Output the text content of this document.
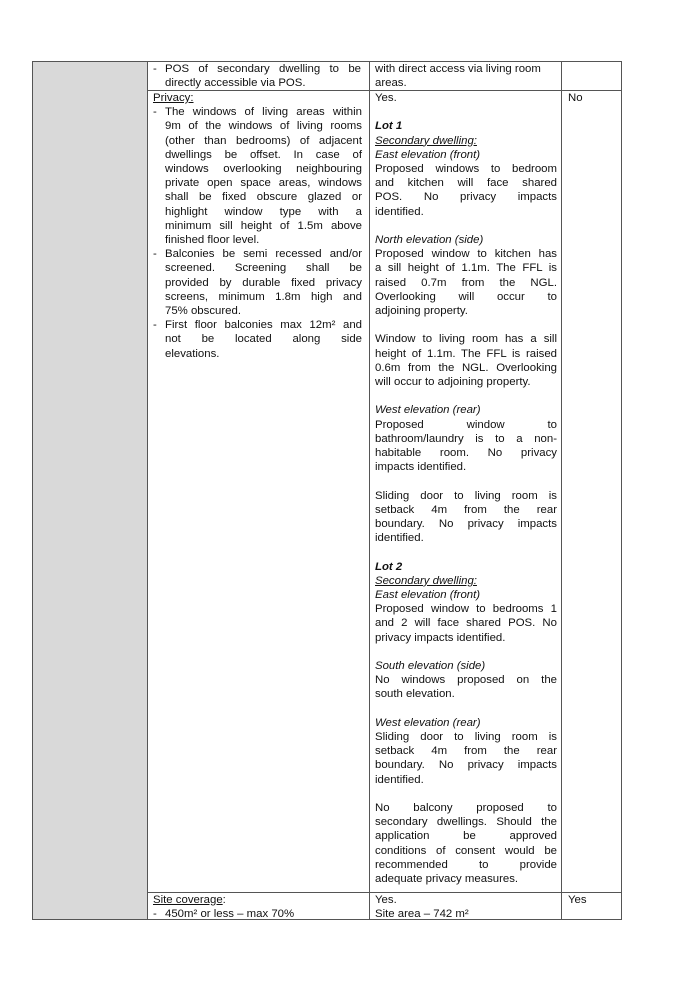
- POS of secondary dwelling to be
directly accessible via POS.
with direct access via living room
areas.
Privacy:
- The windows of living areas within
9m of the windows of living rooms
(other than bedrooms) of adjacent
dwellings be offset. In case of
windows overlooking neighbouring
private open space areas, windows
shall be fixed obscure glazed or
highlight window type with a
minimum sill height of 1.5m above
finished floor level.
- Balconies be semi recessed and/or
screened. Screening shall be
provided by durable fixed privacy
screens, minimum 1.8m high and
75% obscured.
- First floor balconies max 12m² and
not be located along side
elevations.
Yes.
Lot 1
Secondary dwelling:
East elevation (front)
Proposed windows to bedroom
and kitchen will face shared
POS. No privacy impacts
identified.
North elevation (side)
Proposed window to kitchen has
a sill height of 1.1m. The FFL is
raised 0.7m from the NGL.
Overlooking will occur to
adjoining property.
Window to living room has a sill
height of 1.1m. The FFL is raised
0.6m from the NGL. Overlooking
will occur to adjoining property.
West elevation (rear)
Proposed window to
bathroom/laundry is to a non-
habitable room. No privacy
impacts identified.
Sliding door to living room is
setback 4m from the rear
boundary. No privacy impacts
identified.
Lot 2
Secondary dwelling:
East elevation (front)
Proposed window to bedrooms 1
and 2 will face shared POS. No
privacy impacts identified.
South elevation (side)
No windows proposed on the
south elevation.
West elevation (rear)
Sliding door to living room is
setback 4m from the rear
boundary. No privacy impacts
identified.
No balcony proposed to
secondary dwellings. Should the
application be approved
conditions of consent would be
recommended to provide
adequate privacy measures.
No
Site coverage:
- 450m² or less – max 70%
Yes.
Site area – 742 m²
Yes
